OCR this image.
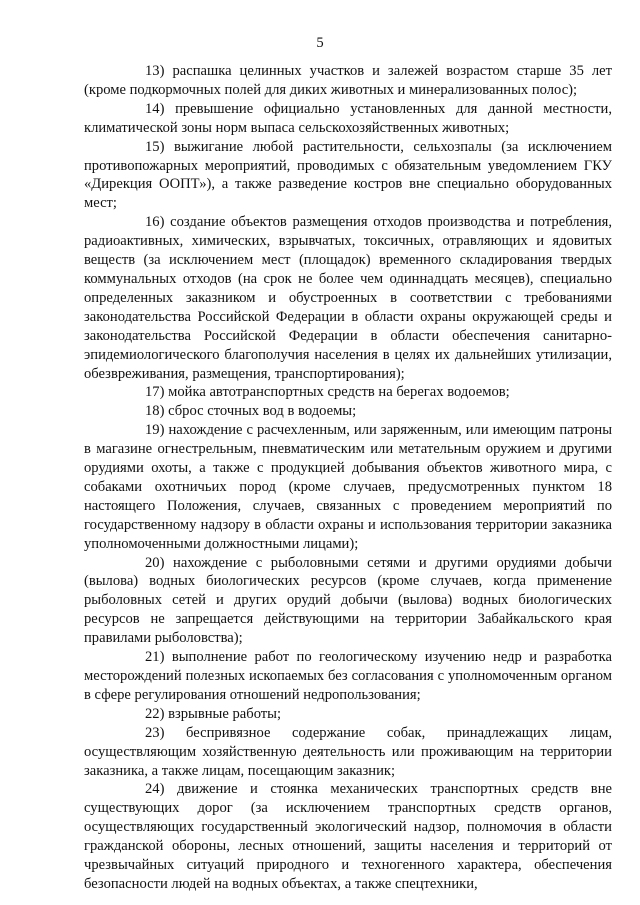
5

13) распашка целинных участков и залежей возрастом старше 35 лет (кроме подкормочных полей для диких животных и минерализованных полос);

14) превышение официально установленных для данной местности, климатической зоны норм выпаса сельскохозяйственных животных;

15) выжигание любой растительности, сельхозпалы (за исключением противопожарных мероприятий, проводимых с обязательным уведомлением ГКУ «Дирекция ООПТ»), а также разведение костров вне специально оборудованных мест;

16) создание объектов размещения отходов производства и потребления, радиоактивных, химических, взрывчатых, токсичных, отравляющих и ядовитых веществ (за исключением мест (площадок) временного складирования твердых коммунальных отходов (на срок не более чем одиннадцать месяцев), специально определенных заказником и обустроенных в соответствии с требованиями законодательства Российской Федерации в области охраны окружающей среды и законодательства Российской Федерации в области обеспечения санитарно-эпидемиологического благополучия населения в целях их дальнейших утилизации, обезвреживания, размещения, транспортирования);

17) мойка автотранспортных средств на берегах водоемов;

18) сброс сточных вод в водоемы;

19) нахождение с расчехленным, или заряженным, или имеющим патроны в магазине огнестрельным, пневматическим или метательным оружием и другими орудиями охоты, а также с продукцией добывания объектов животного мира, с собаками охотничьих пород (кроме случаев, предусмотренных пунктом 18 настоящего Положения, случаев, связанных с проведением мероприятий по государственному надзору в области охраны и использования территории заказника уполномоченными должностными лицами);

20) нахождение с рыболовными сетями и другими орудиями добычи (вылова) водных биологических ресурсов (кроме случаев, когда применение рыболовных сетей и других орудий добычи (вылова) водных биологических ресурсов не запрещается действующими на территории Забайкальского края правилами рыболовства);

21) выполнение работ по геологическому изучению недр и разработка месторождений полезных ископаемых без согласования с уполномоченным органом в сфере регулирования отношений недропользования;

22) взрывные работы;

23) беспривязное содержание собак, принадлежащих лицам, осуществляющим хозяйственную деятельность или проживающим на территории заказника, а также лицам, посещающим заказник;

24) движение и стоянка механических транспортных средств вне существующих дорог (за исключением транспортных средств органов, осуществляющих государственный экологический надзор, полномочия в области гражданской обороны, лесных отношений, защиты населения и территорий от чрезвычайных ситуаций природного и техногенного характера, обеспечения безопасности людей на водных объектах, а также спецтехники,
